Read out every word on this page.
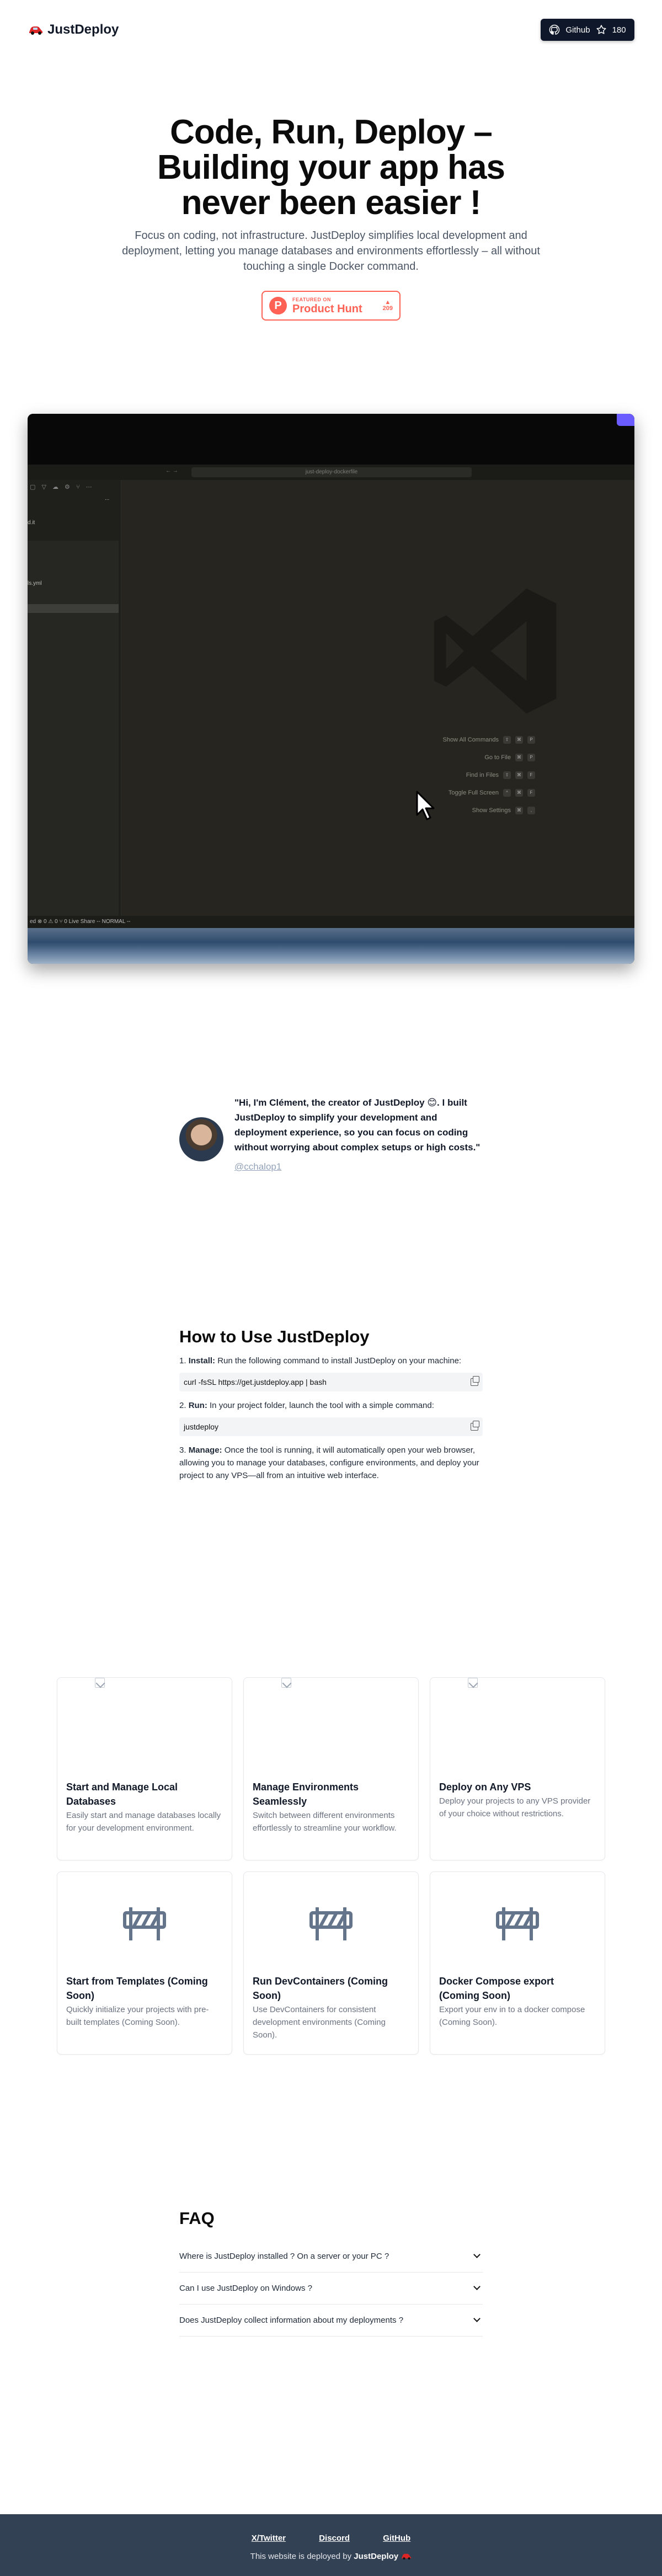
JustDeploy	Github	180
Code, Run, Deploy – Building your app has never been easier !

Focus on coding, not infrastructure. JustDeploy simplifies local development and deployment, letting you manage databases and environments effortlessly – all without touching a single Docker command.

P	FEATURED ON
Product Hunt
▲
209
← →	just-deploy-dockerfile
▢ ▽ ☁ ⚙ ⑂ ⋯
...
d.it
ls.yml
Show All Commands	⇧	⌘	P
Go to File	⌘	P
Find in Files	⇧	⌘	F
Toggle Full Screen	^	⌘	F
Show Settings	⌘	,
ed ⊗ 0 ⚠ 0 ⑂ 0 Live Share -- NORMAL --

"Hi, I'm Clément, the creator of JustDeploy 😊. I built JustDeploy to simplify your development and deployment experience, so you can focus on coding without worrying about complex setups or high costs."

@cchalop1

How to Use JustDeploy

1. Install: Run the following command to install JustDeploy on your machine:

curl -fsSL https://get.justdeploy.app | bash

2. Run: In your project folder, launch the tool with a simple command:

justdeploy

3. Manage: Once the tool is running, it will automatically open your web browser, allowing you to manage your databases, configure environments, and deploy your project to any VPS—all from an intuitive web interface.

Start and Manage Local Databases

Easily start and manage databases locally for your development environment.

Manage Environments Seamlessly

Switch between different environments effortlessly to streamline your workflow.

Deploy on Any VPS

Deploy your projects to any VPS provider of your choice without restrictions.

Start from Templates (Coming Soon)

Quickly initialize your projects with pre-built templates (Coming Soon).

Run DevContainers (Coming Soon)

Use DevContainers for consistent development environments (Coming Soon).

Docker Compose export (Coming Soon)

Export your env in to a docker compose (Coming Soon).

FAQ
Where is JustDeploy installed ? On a server or your PC ?
Can I use JustDeploy on Windows ?
Does JustDeploy collect information about my deployments ?
X/Twitter	Discord	GitHub
This website is deployed by JustDeploy
